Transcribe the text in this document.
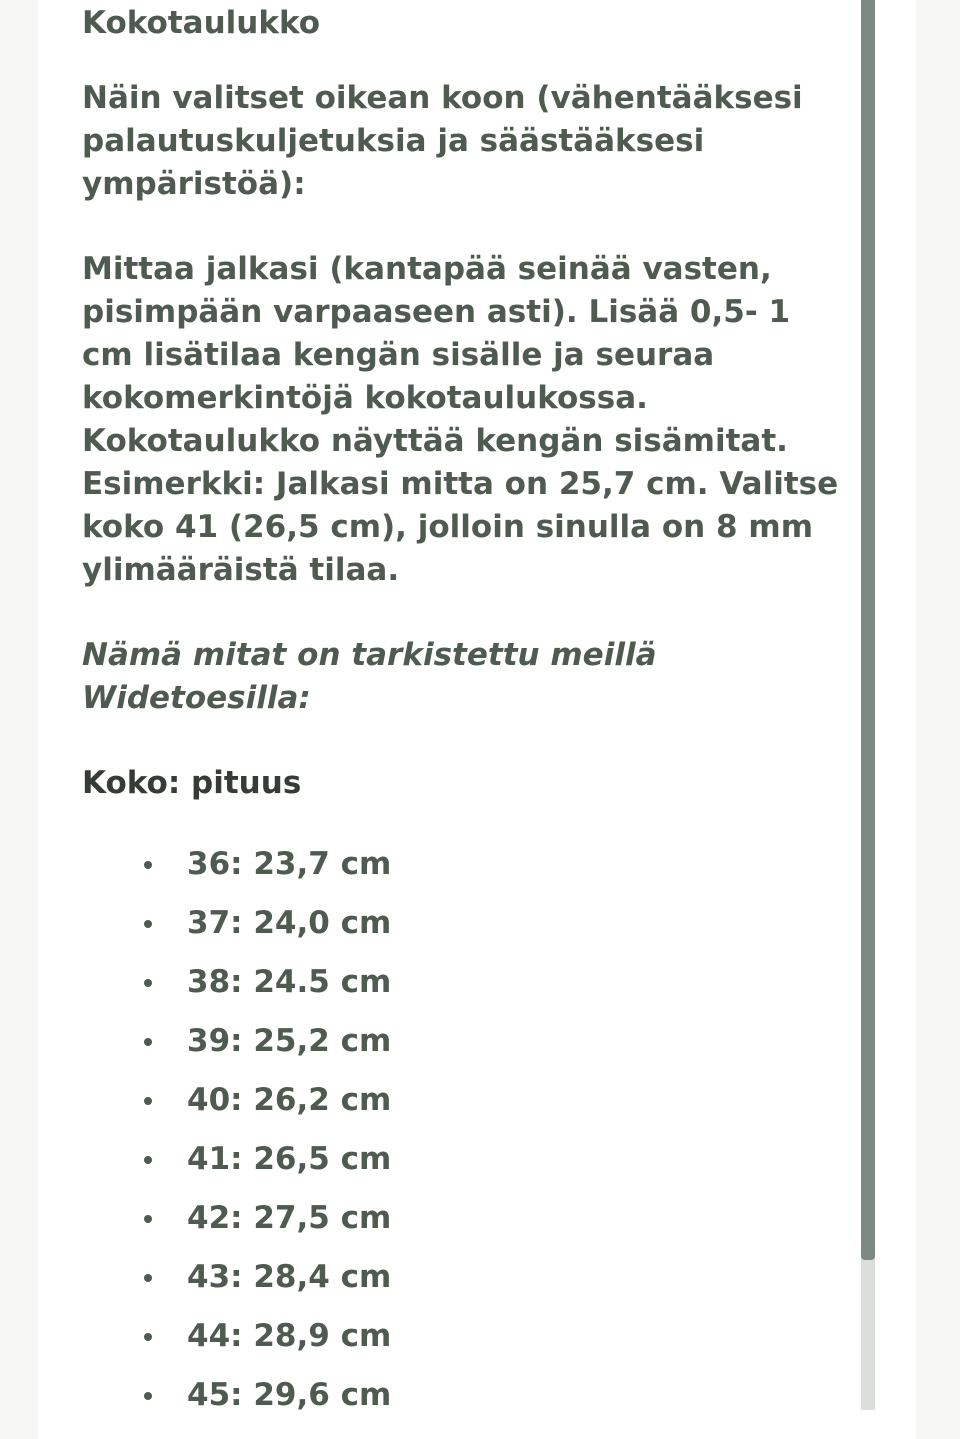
Kokotaulukko

Näin valitset oikean koon (vähentääksesi palautuskuljetuksia ja säästääksesi ympäristöä):

Mittaa jalkasi (kantapää seinää vasten, pisimpään varpaaseen asti). Lisää 0,5- 1 cm lisätilaa kengän sisälle ja seuraa kokomerkintöjä kokotaulukossa. Kokotaulukko näyttää kengän sisämitat. Esimerkki: Jalkasi mitta on 25,7 cm. Valitse koko 41 (26,5 cm), jolloin sinulla on 8 mm ylimääräistä tilaa.

Nämä mitat on tarkistettu meillä Widetoesilla:

Koko: pituus
36: 23,7 cm
37: 24,0 cm
38: 24.5 cm
39: 25,2 cm
40: 26,2 cm
41: 26,5 cm
42: 27,5 cm
43: 28,4 cm
44: 28,9 cm
45: 29,6 cm
